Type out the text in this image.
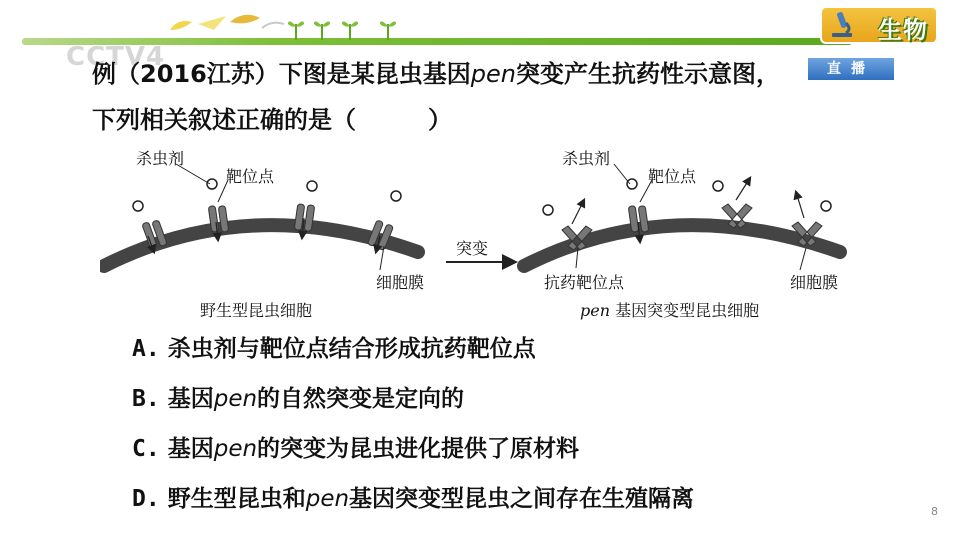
生物
CCTV4	直播
例（2016江苏）下图是某昆虫基因pen突变产生抗药性示意图，
下列相关叙述正确的是（　　　）
杀虫剂
靶位点
细胞膜
野生型昆虫细胞
突变
杀虫剂
靶位点
抗药靶位点	细胞膜
pen 基因突变型昆虫细胞
A. 杀虫剂与靶位点结合形成抗药靶位点
B. 基因pen的自然突变是定向的
C. 基因pen的突变为昆虫进化提供了原材料
D. 野生型昆虫和pen基因突变型昆虫之间存在生殖隔离	8
